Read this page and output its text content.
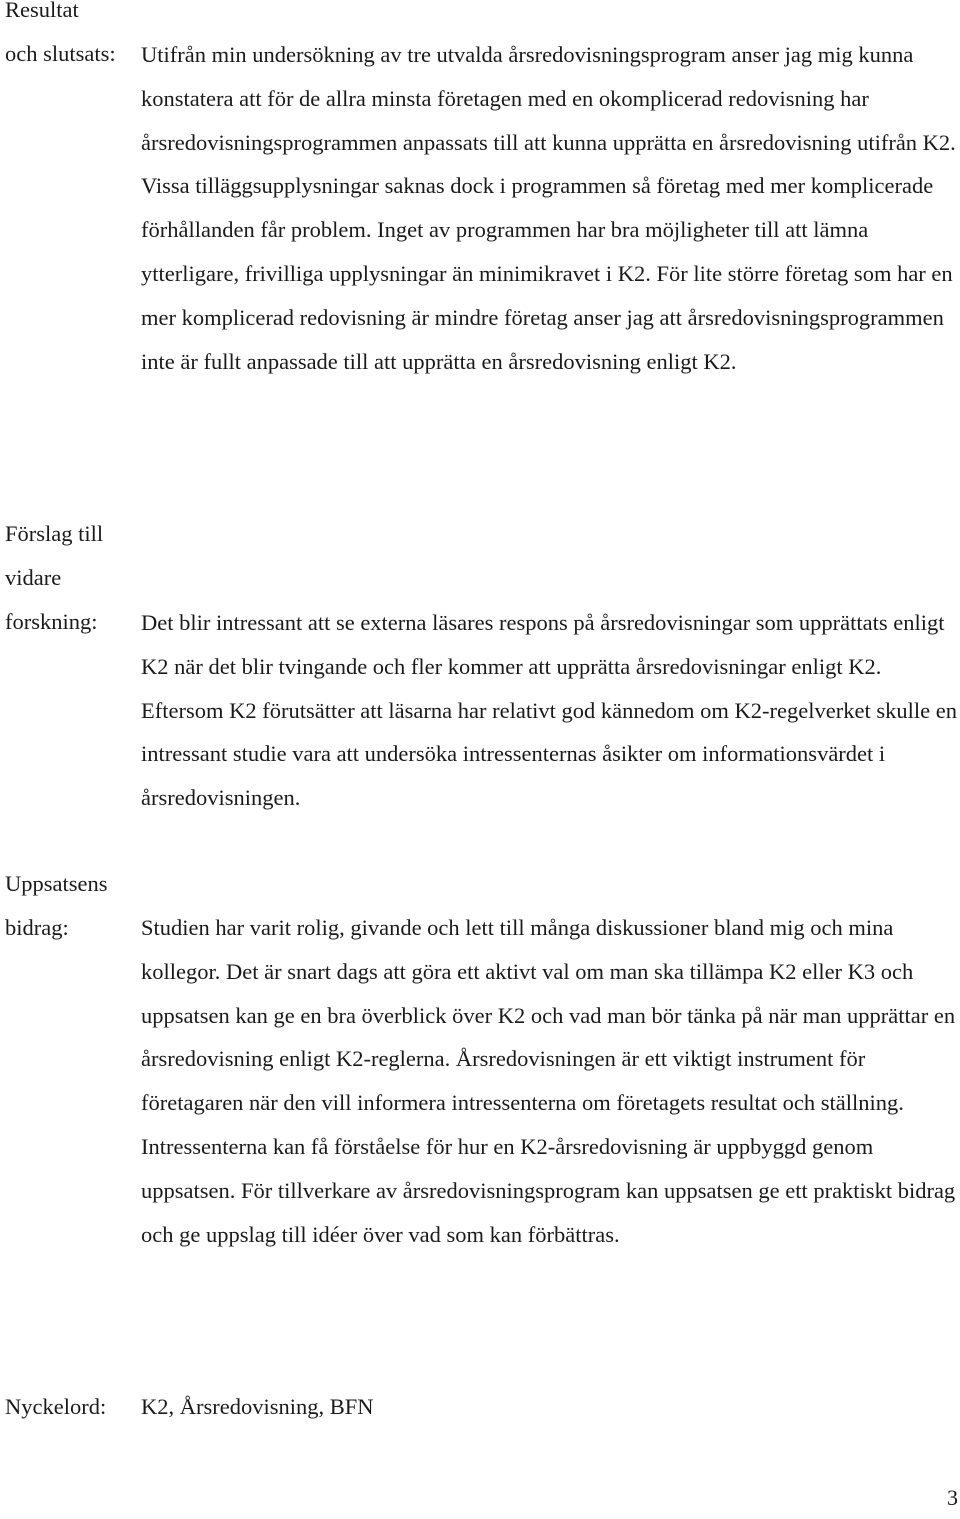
Resultat

och slutsats: Utifrån min undersökning av tre utvalda årsredovisningsprogram anser jag mig kunna konstatera att för de allra minsta företagen med en okomplicerad redovisning har årsredovisningsprogrammen anpassats till att kunna upprätta en årsredovisning utifrån K2. Vissa tilläggsupplysningar saknas dock i programmen så företag med mer komplicerade förhållanden får problem. Inget av programmen har bra möjligheter till att lämna ytterligare, frivilliga upplysningar än minimikravet i K2. För lite större företag som har en mer komplicerad redovisning är mindre företag anser jag att årsredovisningsprogrammen inte är fullt anpassade till att upprätta en årsredovisning enligt K2.

Förslag till

vidare

forskning: Det blir intressant att se externa läsares respons på årsredovisningar som upprättats enligt K2 när det blir tvingande och fler kommer att upprätta årsredovisningar enligt K2. Eftersom K2 förutsätter att läsarna har relativt god kännedom om K2-regelverket skulle en intressant studie vara att undersöka intressenternas åsikter om informationsvärdet i årsredovisningen.

Uppsatsens

bidrag:	Studien har varit rolig, givande och lett till många diskussioner bland mig och mina kollegor. Det är snart dags att göra ett aktivt val om man ska tillämpa K2 eller K3 och uppsatsen kan ge en bra överblick över K2 och vad man bör tänka på när man upprättar en årsredovisning enligt K2-reglerna. Årsredovisningen är ett viktigt instrument för företagaren när den vill informera intressenterna om företagets resultat och ställning. Intressenterna kan få förståelse för hur en K2-årsredovisning är uppbyggd genom uppsatsen. För tillverkare av årsredovisningsprogram kan uppsatsen ge ett praktiskt bidrag och ge uppslag till idéer över vad som kan förbättras.

Nyckelord: K2, Årsredovisning, BFN

3
